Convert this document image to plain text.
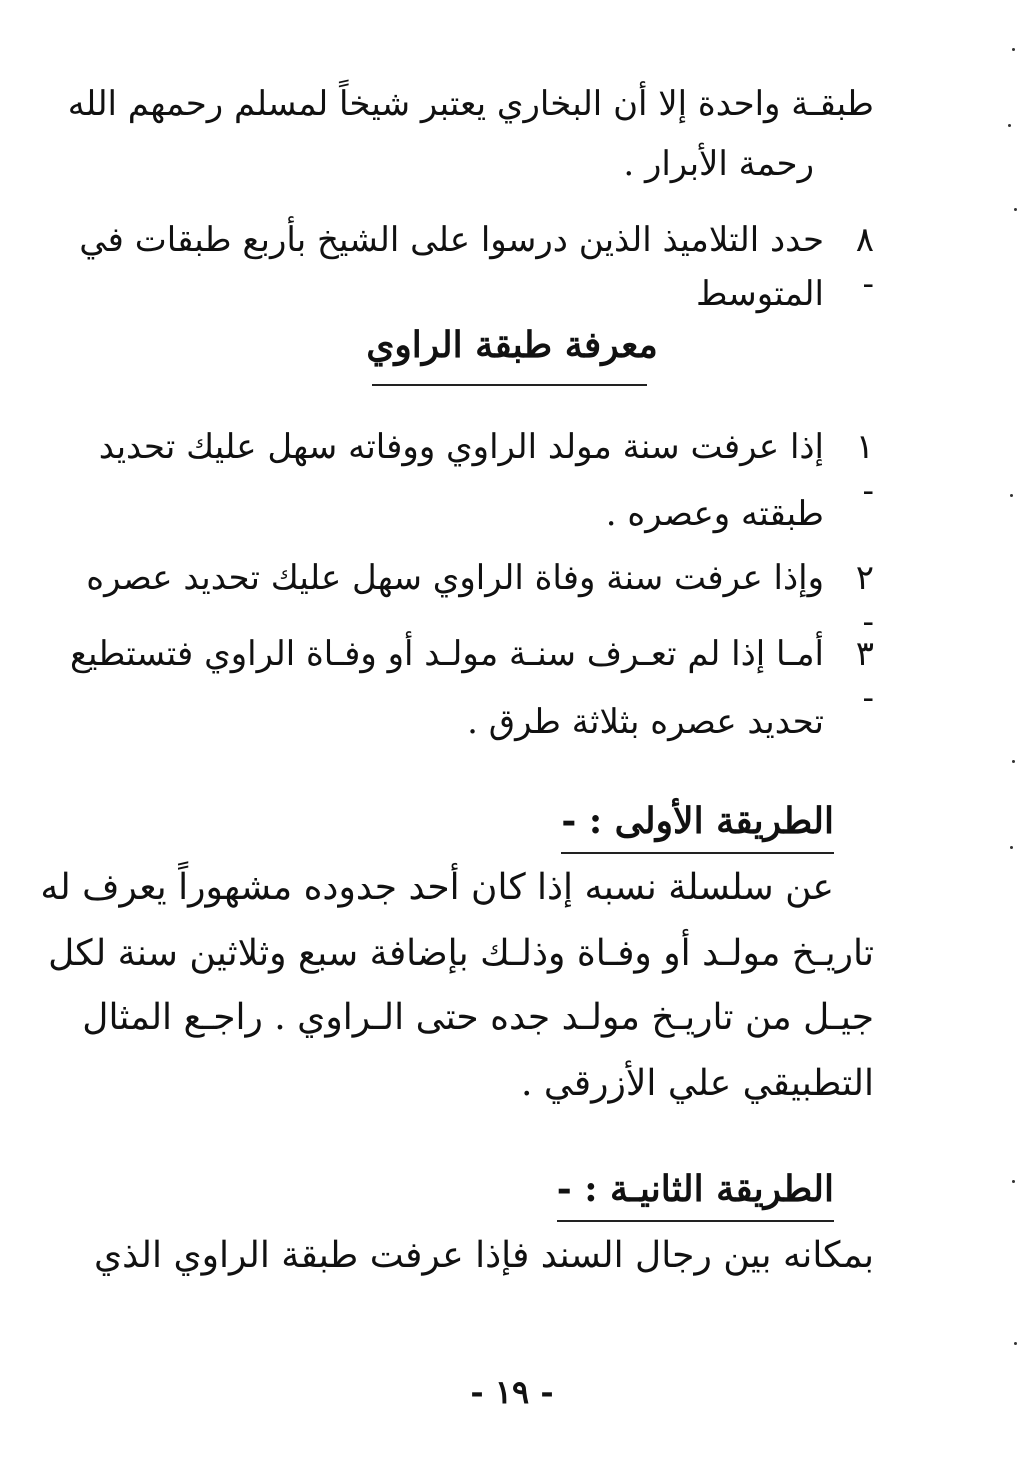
طبقـة واحدة إلا أن البخاري يعتبر شيخاً لمسلم رحمهم الله
رحمة الأبرار .
٨ -
حدد التلاميذ الذين درسوا على الشيخ بأربع طبقات في
المتوسط
معرفة طبقة الراوي
١ -
إذا عرفت سنة مولد الراوي ووفاته سهل عليك تحديد
طبقته وعصره .
٢ -
وإذا عرفت سنة وفاة الراوي سهل عليك تحديد عصره
٣ -
أمـا إذا لم تعـرف سنـة مولـد أو وفـاة الراوي فتستطيع
تحديد عصره بثلاثة طرق .
الطريقة الأولى : -
عن سلسلة نسبه إذا كان أحد جدوده مشهوراً يعرف له
تاريـخ مولـد أو وفـاة وذلـك بإضافة سبع وثلاثين سنة لكل
جيـل من تاريـخ مولـد جده حتى الـراوي . راجـع المثال
التطبيقي علي الأزرقي .
الطريقة الثانيـة : -
بمكانه بين رجال السند فإذا عرفت طبقة الراوي الذي
- ١٩ -
